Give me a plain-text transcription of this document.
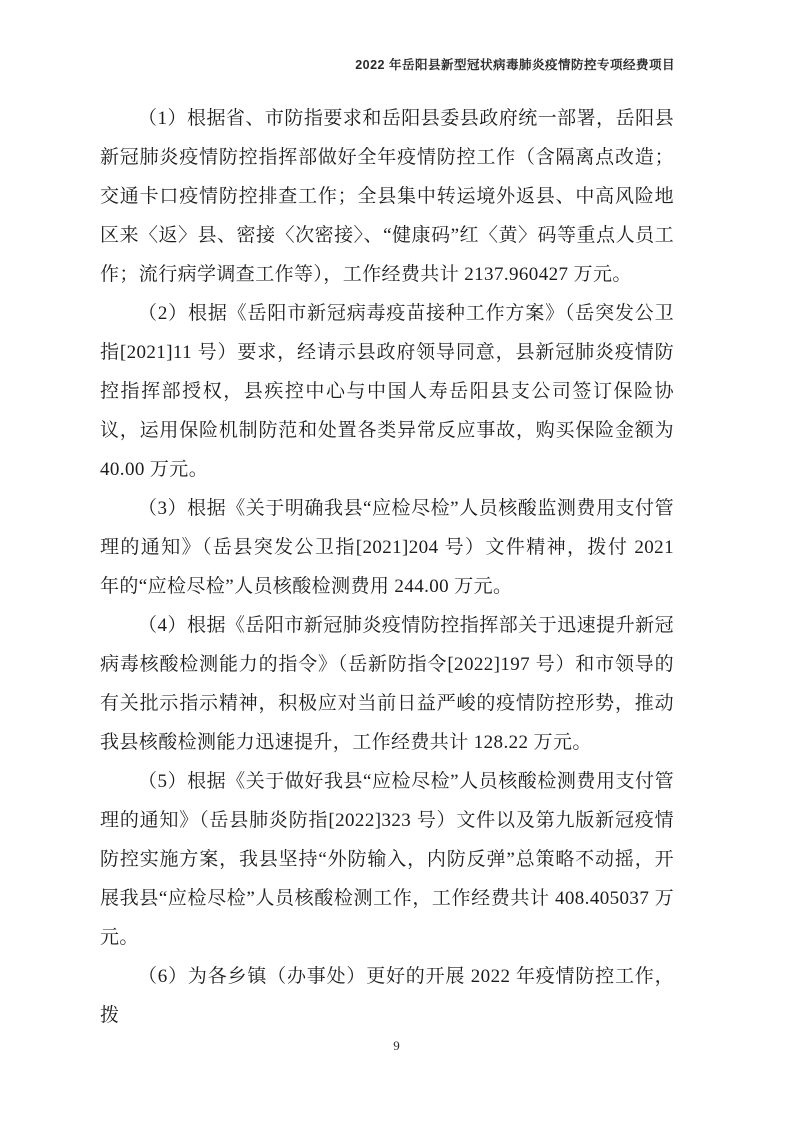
2022 年岳阳县新型冠状病毒肺炎疫情防控专项经费项目

（1）根据省、市防指要求和岳阳县委县政府统一部署，岳阳县新冠肺炎疫情防控指挥部做好全年疫情防控工作（含隔离点改造；交通卡口疫情防控排查工作；全县集中转运境外返县、中高风险地区来〈返〉县、密接〈次密接〉、“健康码”红〈黄〉码等重点人员工作；流行病学调查工作等），工作经费共计 2137.960427 万元。

（2）根据《岳阳市新冠病毒疫苗接种工作方案》（岳突发公卫指[2021]11 号）要求，经请示县政府领导同意，县新冠肺炎疫情防控指挥部授权，县疾控中心与中国人寿岳阳县支公司签订保险协议，运用保险机制防范和处置各类异常反应事故，购买保险金额为 40.00 万元。

（3）根据《关于明确我县“应检尽检”人员核酸监测费用支付管理的通知》（岳县突发公卫指[2021]204 号）文件精神，拨付 2021 年的“应检尽检”人员核酸检测费用 244.00 万元。

（4）根据《岳阳市新冠肺炎疫情防控指挥部关于迅速提升新冠病毒核酸检测能力的指令》（岳新防指令[2022]197 号）和市领导的有关批示指示精神，积极应对当前日益严峻的疫情防控形势，推动我县核酸检测能力迅速提升，工作经费共计 128.22 万元。

（5）根据《关于做好我县“应检尽检”人员核酸检测费用支付管理的通知》（岳县肺炎防指[2022]323 号）文件以及第九版新冠疫情防控实施方案，我县坚持“外防输入，内防反弹”总策略不动摇，开展我县“应检尽检”人员核酸检测工作，工作经费共计 408.405037 万元。

（6）为各乡镇（办事处）更好的开展 2022 年疫情防控工作，拨

9
